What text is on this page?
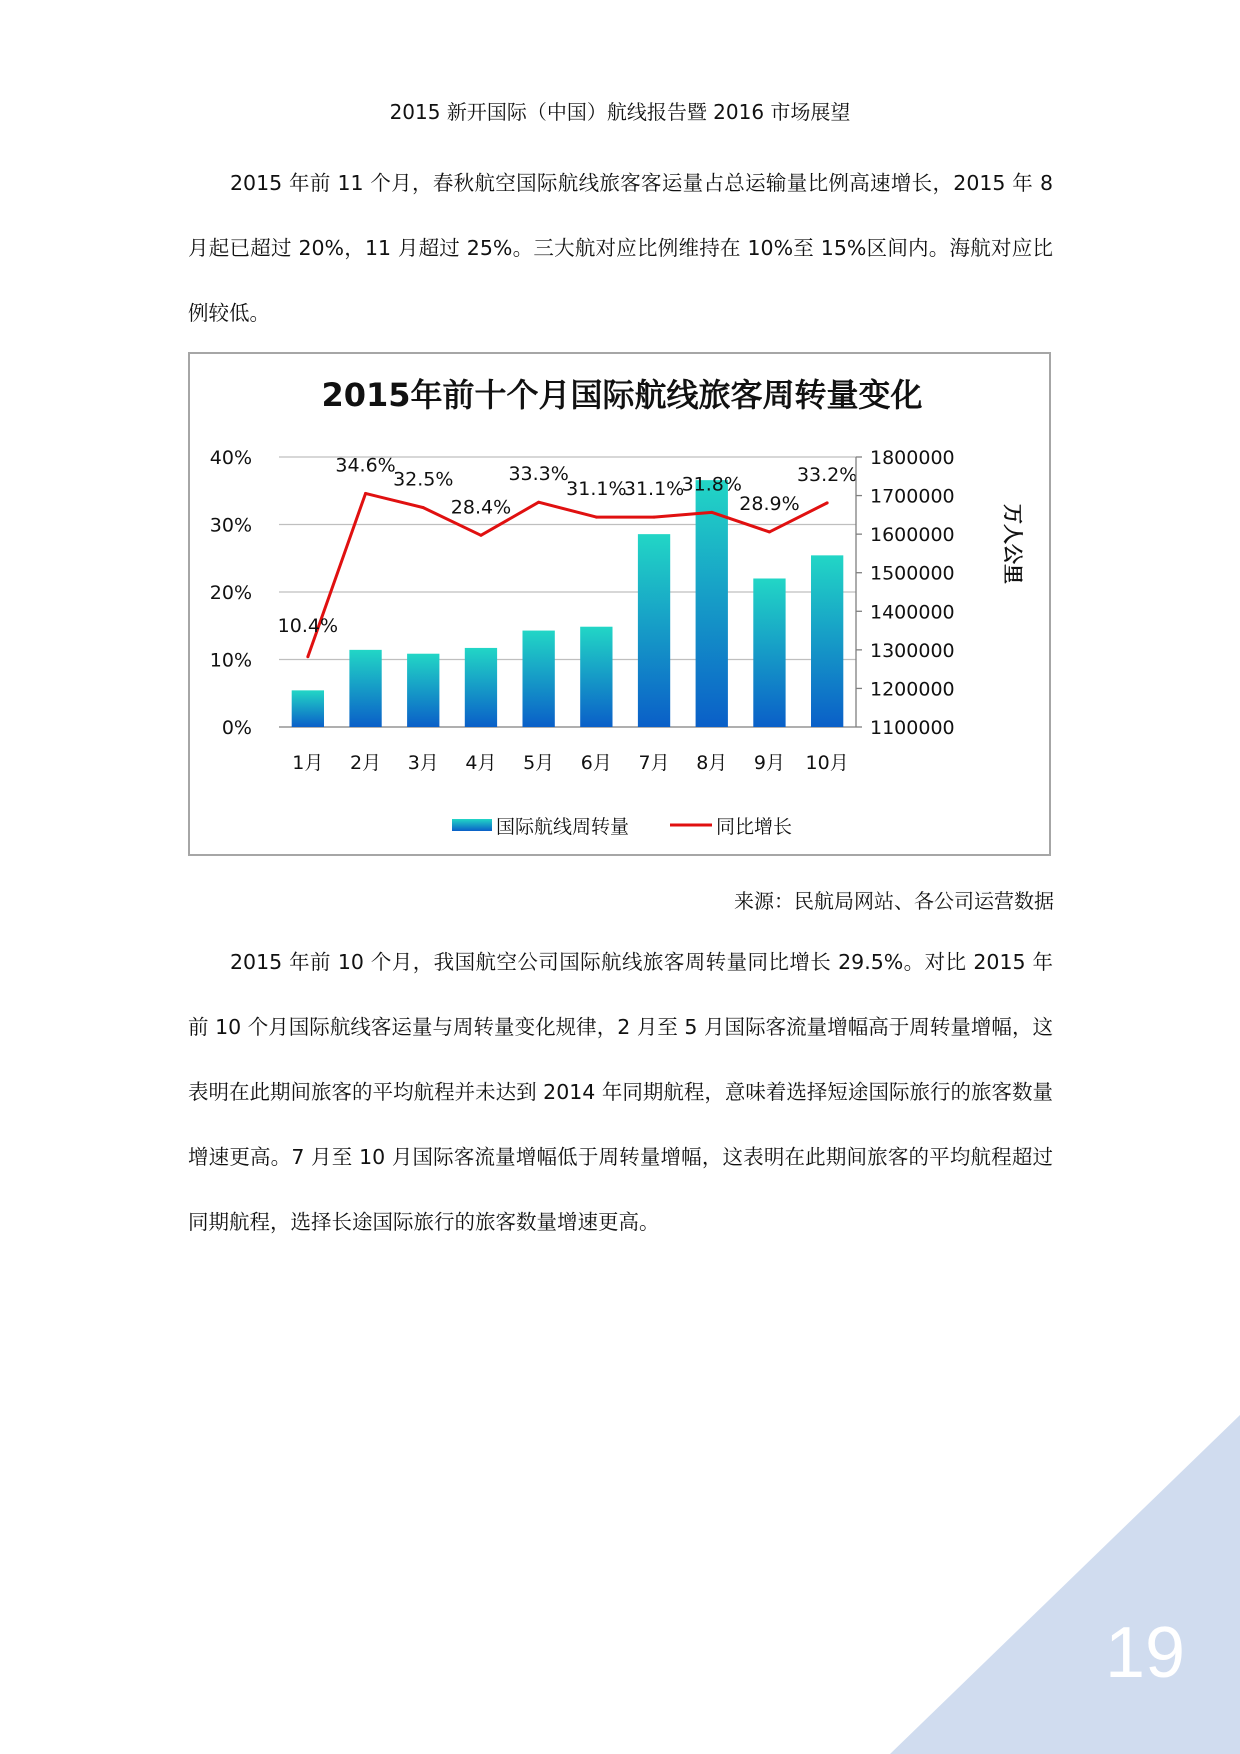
2015 新开国际（中国）航线报告暨 2016 市场展望

2015 年前 11 个月，春秋航空国际航线旅客客运量占总运输量比例高速增长，2015 年 8 月起已超过 20%，11 月超过 25%。三大航对应比例维持在 10%至 15%区间内。海航对应比例较低。

2015年前十个月国际航线旅客周转量变化
10.4%
34.6%
32.5%
28.4%
33.3%
31.1%
31.1%
31.8%
28.9%
33.2%
0%
10%
20%
30%
40%
1100000
1200000
1300000
1400000
1500000
1600000
1700000
1800000
1月 2月 3月 4月 5月 6月 7月 8月 9月 10月
万人公里
国际航线周转量	同比增长
来源：民航局网站、各公司运营数据

2015 年前 10 个月，我国航空公司国际航线旅客周转量同比增长 29.5%。对比 2015 年前 10 个月国际航线客运量与周转量变化规律，2 月至 5 月国际客流量增幅高于周转量增幅，这表明在此期间旅客的平均航程并未达到 2014 年同期航程，意味着选择短途国际旅行的旅客数量增速更高。7 月至 10 月国际客流量增幅低于周转量增幅，这表明在此期间旅客的平均航程超过同期航程，选择长途国际旅行的旅客数量增速更高。

19
